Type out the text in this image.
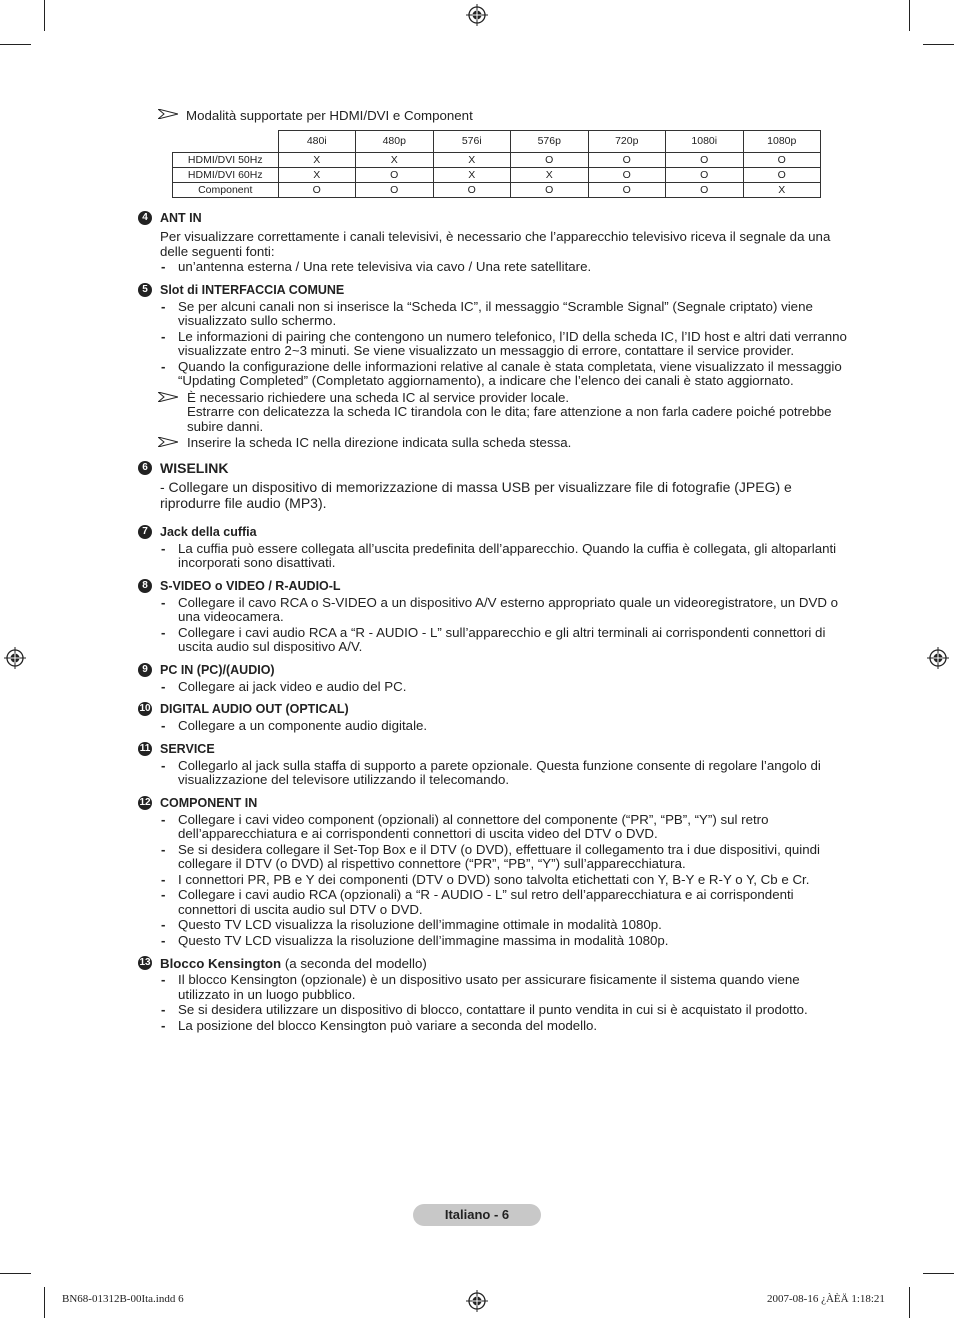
Modalità supportate per HDMI/DVI e Component
	480i	480p	576i	576p	720p	1080i	1080p
HDMI/DVI 50Hz	X	X	X	O	O	O	O
HDMI/DVI 60Hz	X	O	X	X	O	O	O
Component	O	O	O	O	O	O	X
4 ANT IN
Per visualizzare correttamente i canali televisivi, è necessario che l’apparecchio televisivo riceva il segnale da una delle seguenti fonti:
- un’antenna esterna / Una rete televisiva via cavo / Una rete satellitare.
5 Slot di INTERFACCIA COMUNE
- Se per alcuni canali non si inserisce la “Scheda IC”, il messaggio “Scramble Signal” (Segnale criptato) viene visualizzato sullo schermo.
- Le informazioni di pairing che contengono un numero telefonico, l’ID della scheda IC, l’ID host e altri dati verranno visualizzate entro 2~3 minuti. Se viene visualizzato un messaggio di errore, contattare il service provider.
- Quando la configurazione delle informazioni relative al canale è stata completata, viene visualizzato il messaggio “Updating Completed” (Completato aggiornamento), a indicare che l’elenco dei canali è stato aggiornato.
È necessario richiedere una scheda IC al service provider locale.
Estrarre con delicatezza la scheda IC tirandola con le dita; fare attenzione a non farla cadere poiché potrebbe subire danni.
Inserire la scheda IC nella direzione indicata sulla scheda stessa.
6 WISELINK
- Collegare un dispositivo di memorizzazione di massa USB per visualizzare file di fotografie (JPEG) e riprodurre file audio (MP3).
7 Jack della cuffia
- La cuffia può essere collegata all’uscita predefinita dell’apparecchio. Quando la cuffia è collegata, gli altoparlanti incorporati sono disattivati.
8 S-VIDEO o VIDEO / R-AUDIO-L
- Collegare il cavo RCA o S-VIDEO a un dispositivo A/V esterno appropriato quale un videoregistratore, un DVD o una videocamera.
- Collegare i cavi audio RCA a “R - AUDIO - L” sull’apparecchio e gli altri terminali ai corrispondenti connettori di uscita audio sul dispositivo A/V.
9 PC IN (PC)/(AUDIO)
- Collegare ai jack video e audio del PC.
10 DIGITAL AUDIO OUT (OPTICAL)
- Collegare a un componente audio digitale.
11 SERVICE
- Collegarlo al jack sulla staffa di supporto a parete opzionale. Questa funzione consente di regolare l’angolo di visualizzazione del televisore utilizzando il telecomando.
12 COMPONENT IN
- Collegare i cavi video component (opzionali) al connettore del componente (“PR”, “PB”, “Y”) sul retro dell’apparecchiatura e ai corrispondenti connettori di uscita video del DTV o DVD.
- Se si desidera collegare il Set-Top Box e il DTV (o DVD), effettuare il collegamento tra i due dispositivi, quindi collegare il DTV (o DVD) al rispettivo connettore (“PR”, “PB”, “Y”) sull’apparecchiatura.
- I connettori PR, PB e Y dei componenti (DTV o DVD) sono talvolta etichettati con Y, B-Y e R-Y o Y, Cb e Cr.
- Collegare i cavi audio RCA (opzionali) a “R - AUDIO - L” sul retro dell’apparecchiatura e ai corrispondenti connettori di uscita audio sul DTV o DVD.
- Questo TV LCD visualizza la risoluzione dell’immagine ottimale in modalità 1080p.
- Questo TV LCD visualizza la risoluzione dell’immagine massima in modalità 1080p.
13 Blocco Kensington (a seconda del modello)
- Il blocco Kensington (opzionale) è un dispositivo usato per assicurare fisicamente il sistema quando viene utilizzato in un luogo pubblico.
- Se si desidera utilizzare un dispositivo di blocco, contattare il punto vendita in cui si è acquistato il prodotto.
- La posizione del blocco Kensington può variare a seconda del modello.
Italiano - 6
BN68-01312B-00Ita.indd 6	2007-08-16 ¿ÀÈÄ 1:18:21
